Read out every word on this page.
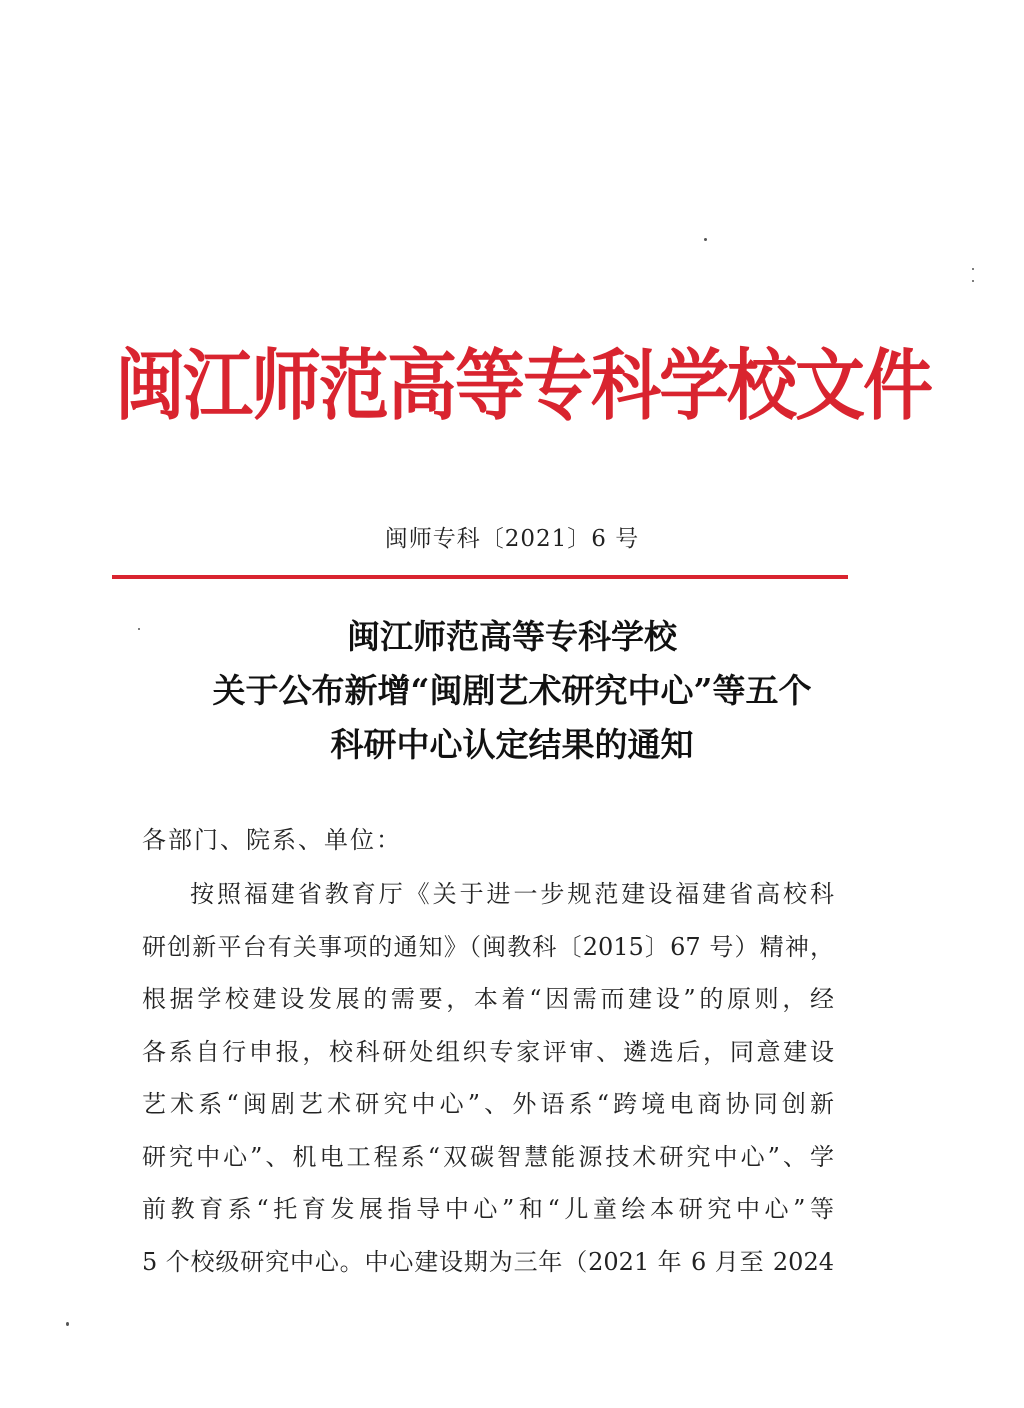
闽江师范高等专科学校文件
闽师专科〔2021〕6 号
闽江师范高等专科学校
关于公布新增“闽剧艺术研究中心”等五个
科研中心认定结果的通知
各部门、院系、单位：
按照福建省教育厅《关于进一步规范建设福建省高校科
研创新平台有关事项的通知》（闽教科〔2015〕67 号）精神，
根据学校建设发展的需要，本着“因需而建设”的原则，经
各系自行申报，校科研处组织专家评审、遴选后，同意建设
艺术系“闽剧艺术研究中心”、外语系“跨境电商协同创新
研究中心”、机电工程系“双碳智慧能源技术研究中心”、学
前教育系“托育发展指导中心”和“儿童绘本研究中心”等
5 个校级研究中心。中心建设期为三年（2021 年 6 月至 2024
